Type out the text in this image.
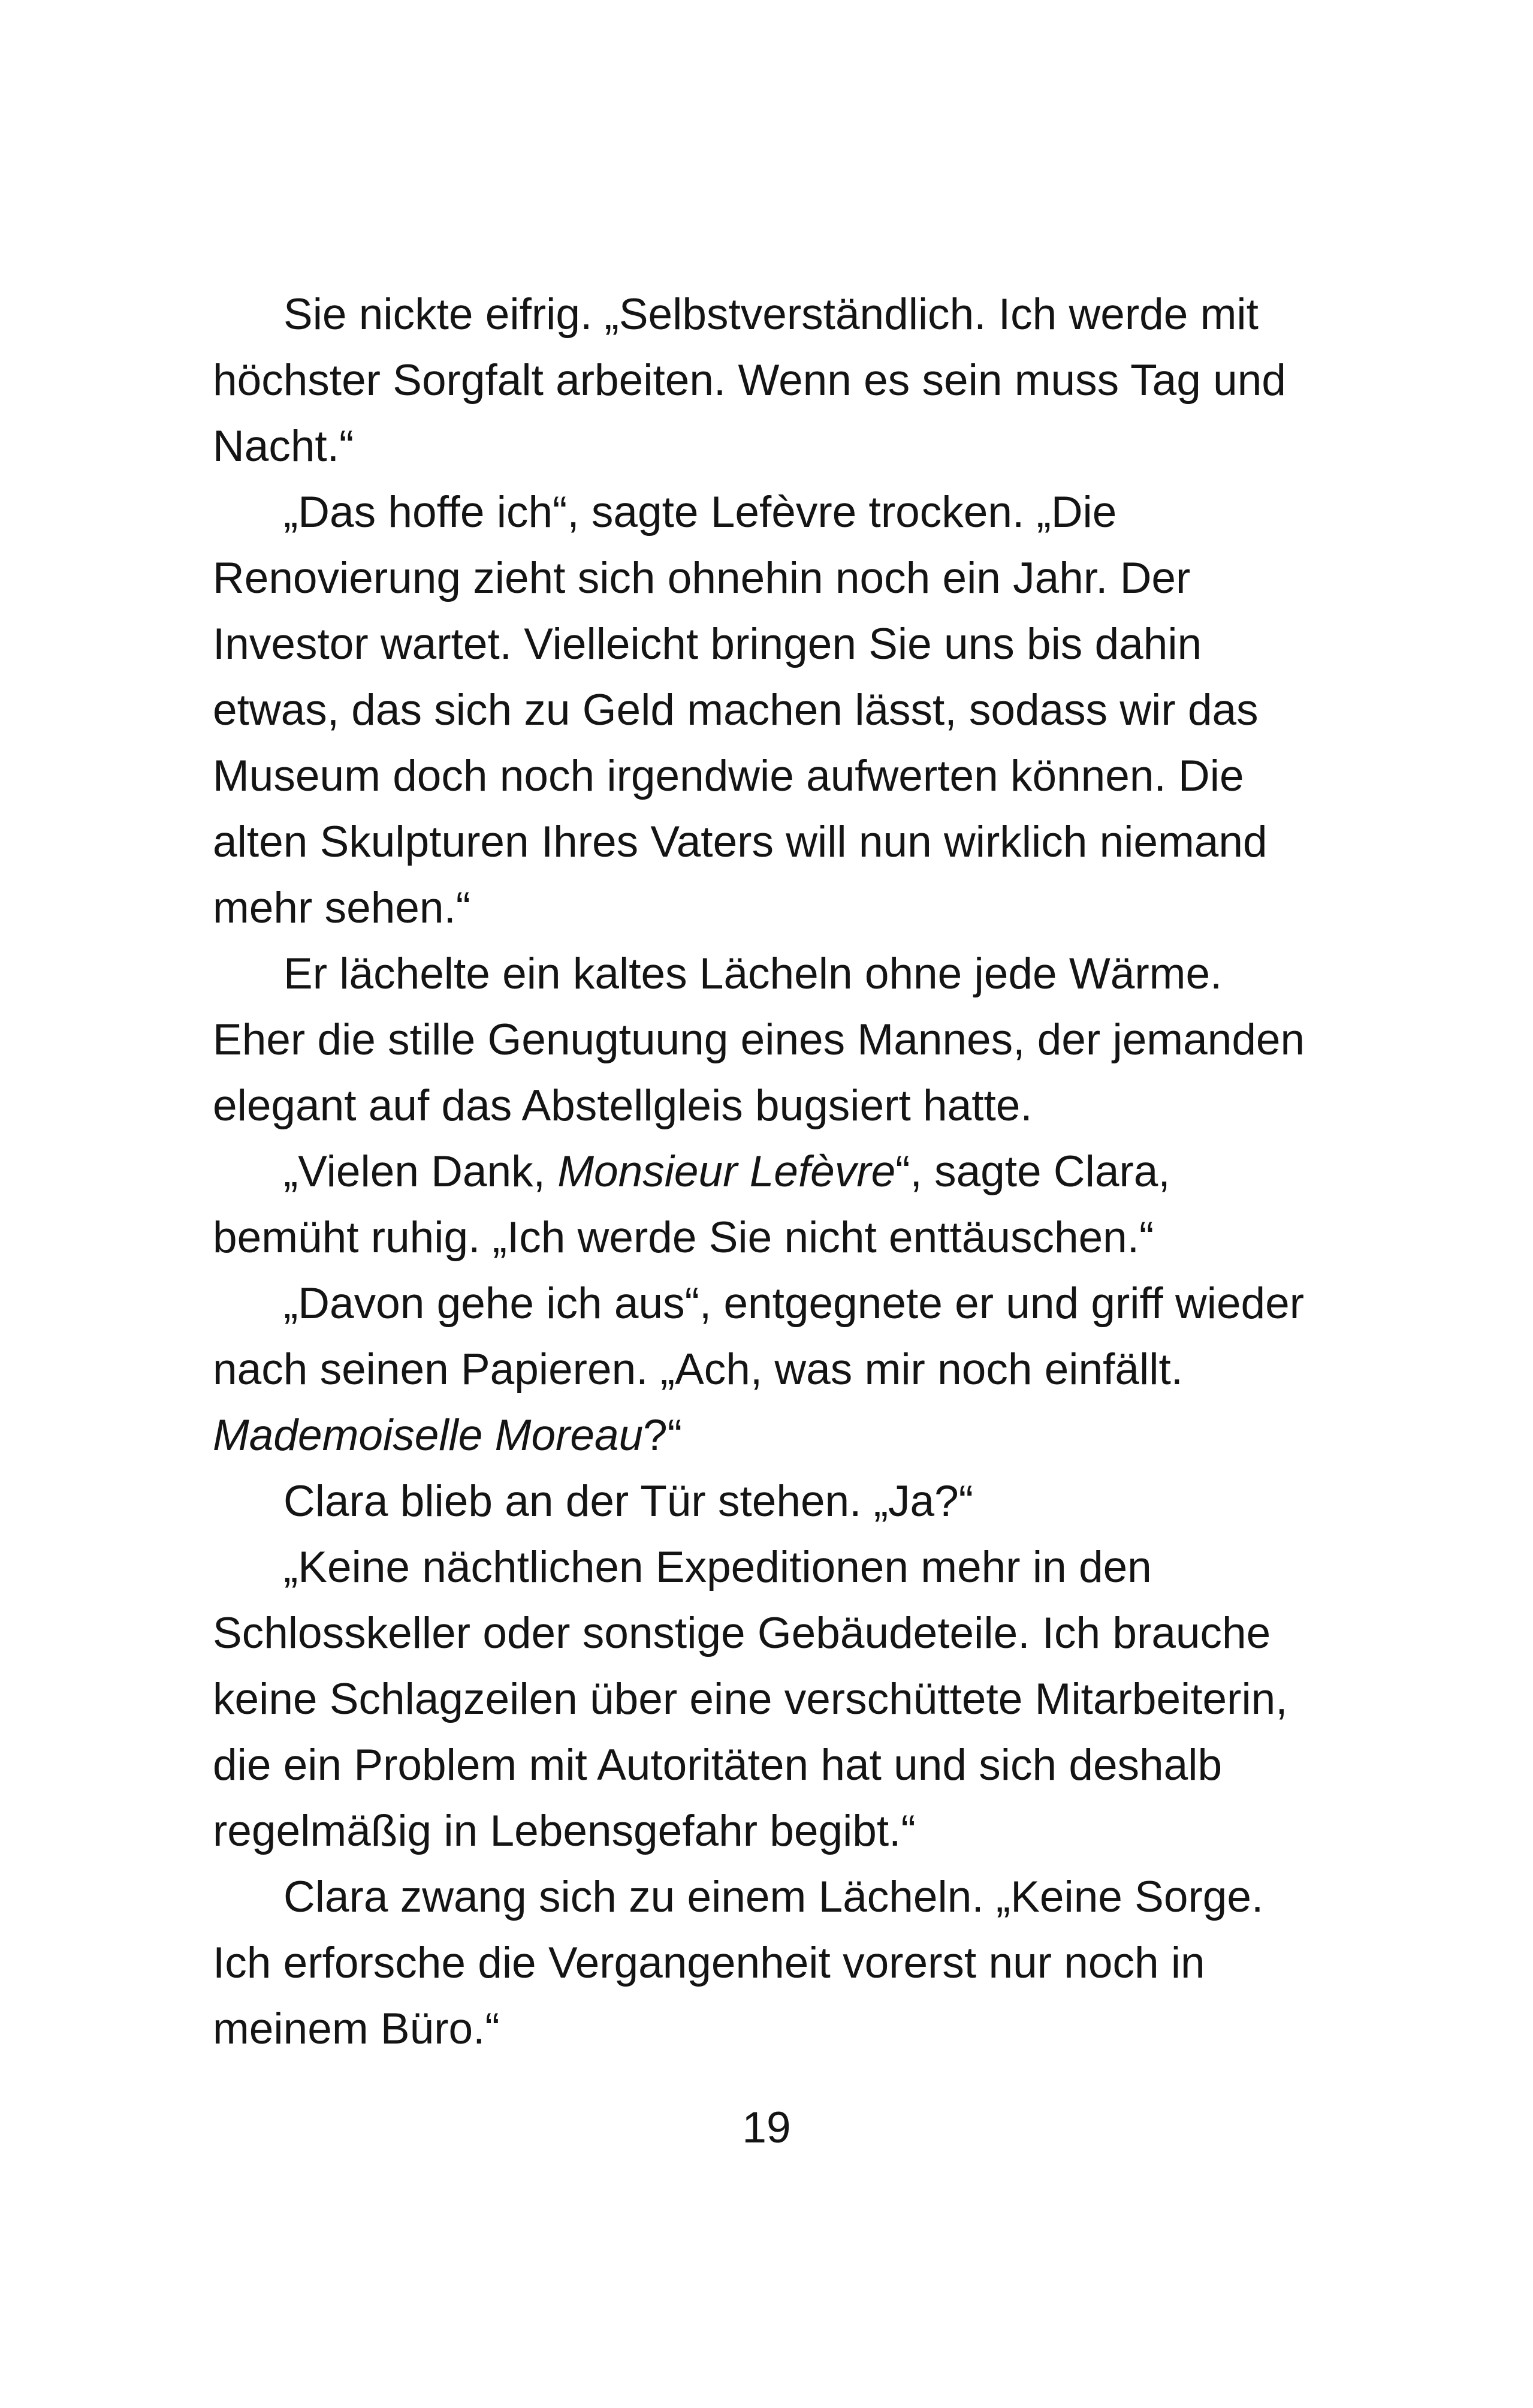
Sie nickte eifrig. „Selbstverständlich. Ich werde mit höchster Sorgfalt arbeiten. Wenn es sein muss Tag und Nacht.“

„Das hoffe ich“, sagte Lefèvre trocken. „Die Renovierung zieht sich ohnehin noch ein Jahr. Der Investor wartet. Vielleicht bringen Sie uns bis dahin etwas, das sich zu Geld machen lässt, sodass wir das Museum doch noch irgendwie aufwerten können. Die alten Skulpturen Ihres Vaters will nun wirklich niemand mehr sehen.“

Er lächelte ein kaltes Lächeln ohne jede Wärme. Eher die stille Genugtuung eines Mannes, der jemanden elegant auf das Abstellgleis bugsiert hatte.

„Vielen Dank, Monsieur Lefèvre“, sagte Clara, bemüht ruhig. „Ich werde Sie nicht enttäuschen.“

„Davon gehe ich aus“, entgegnete er und griff wieder nach seinen Papieren. „Ach, was mir noch einfällt. Mademoiselle Moreau?“

Clara blieb an der Tür stehen. „Ja?“

„Keine nächtlichen Expeditionen mehr in den Schlosskeller oder sonstige Gebäudeteile. Ich brauche keine Schlagzeilen über eine verschüttete Mitarbeiterin, die ein Problem mit Autoritäten hat und sich deshalb regelmäßig in Lebensgefahr begibt.“

Clara zwang sich zu einem Lächeln. „Keine Sorge. Ich erforsche die Vergangenheit vorerst nur noch in meinem Büro.“

19
